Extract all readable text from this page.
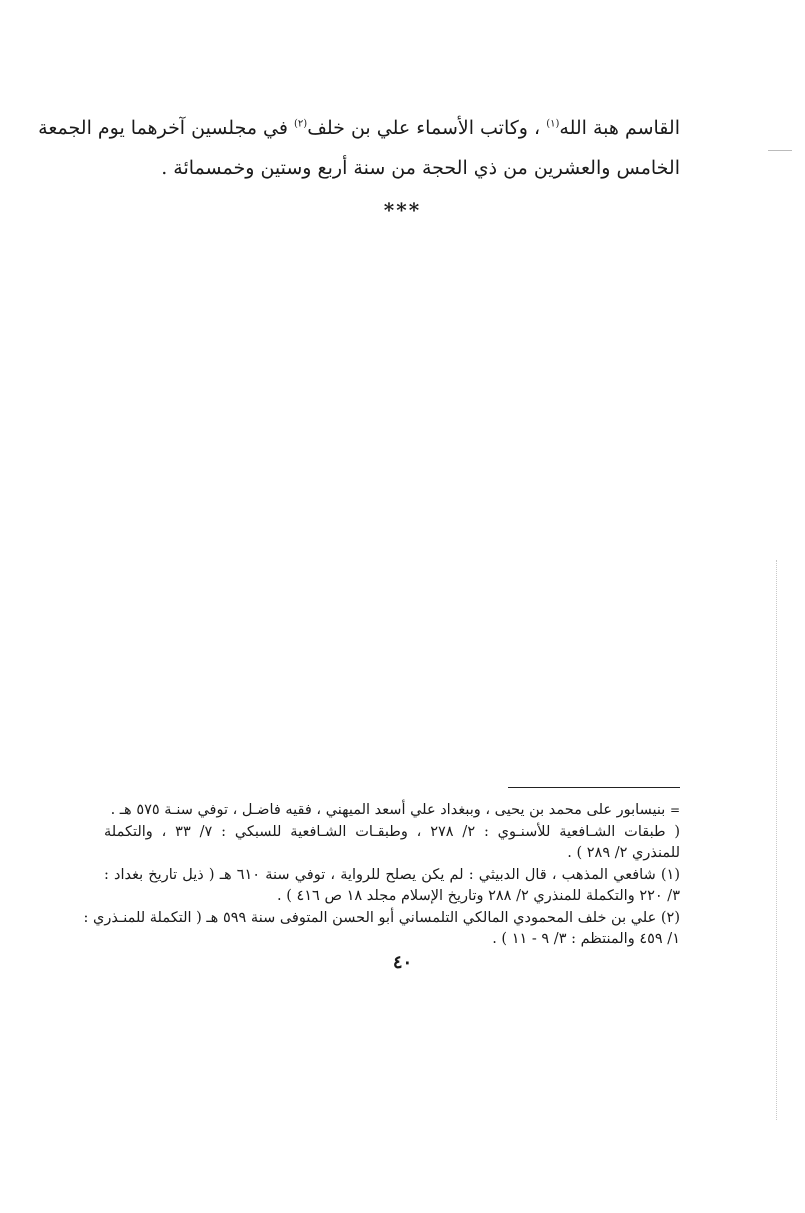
القاسم هبة الله$^{(١)}$ ، وكاتب الأسماء علي بن خلف$^{(٢)}$ في مجلسين آخرهما يوم الجمعة
الخامس والعشرين من ذي الحجة من سنة أربع وستين وخمسمائة .
***
= بنيسابور على محمد بن يحيى ، وببغداد علي أسعد الميهني ، فقيه فاضـل ، توفي سنـة ٥٧٥ هـ .
( طبقات الشـافعية للأسنـوي : ٢/ ٢٧٨ ، وطبقـات الشـافعية للسبكي : ٧/ ٣٣ ، والتكملة
للمنذري ٢/ ٢٨٩ ) .
(١) شافعي المذهب ، قال الدبيثي : لم يكن يصلح للرواية ، توفي سنة ٦١٠ هـ ( ذيل تاريخ بغداد :
٣/ ٢٢٠ والتكملة للمنذري ٢/ ٢٨٨ وتاريخ الإسلام مجلد ١٨ ص ٤١٦ ) .
(٢) علي بن خلف المحمودي المالكي التلمساني أبو الحسن المتوفى سنة ٥٩٩ هـ ( التكملة للمنـذري :
١/ ٤٥٩ والمنتظم : ٣/ ٩ - ١١ ) .
٤٠
